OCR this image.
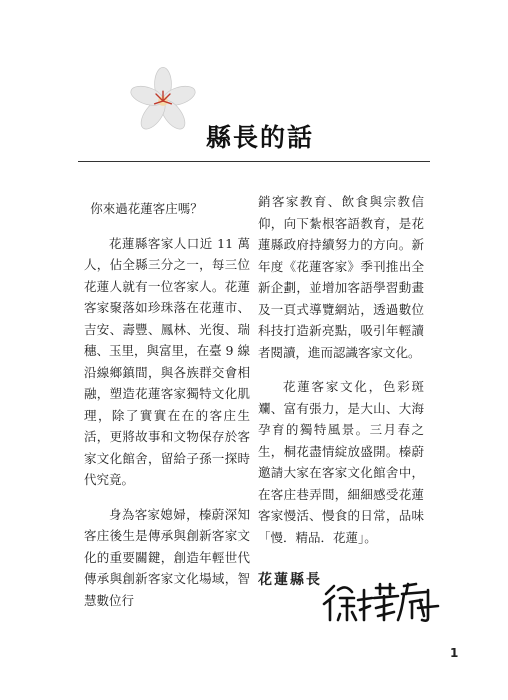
縣長的話

你來過花蓮客庄嗎？

花蓮縣客家人口近 11 萬人，佔全縣三分之一，每三位花蓮人就有一位客家人。花蓮客家聚落如珍珠落在花蓮市、吉安、壽豐、鳳林、光復、瑞穗、玉里，與富里，在臺 9 線沿線鄉鎮間，與各族群交會相融，塑造花蓮客家獨特文化肌理，除了實實在在的客庄生活，更將故事和文物保存於客家文化館舍，留給子孫一探時代究竟。

身為客家媳婦，榛蔚深知客庄後生是傳承與創新客家文化的重要關鍵，創造年輕世代傳承與創新客家文化場域，智慧數位行

銷客家教育、飲食與宗教信仰，向下紮根客語教育，是花蓮縣政府持續努力的方向。新年度《花蓮客家》季刊推出全新企劃，並增加客語學習動畫及一頁式導覽網站，透過數位科技打造新亮點，吸引年輕讀者閱讀，進而認識客家文化。

花蓮客家文化，色彩斑斕、富有張力，是大山、大海孕育的獨特風景。三月春之生，桐花盡情綻放盛開。榛蔚邀請大家在客家文化館舍中，在客庄巷弄間，細細感受花蓮客家慢活、慢食的日常，品味「慢．精品．花蓮」。

花蓮縣長
1
